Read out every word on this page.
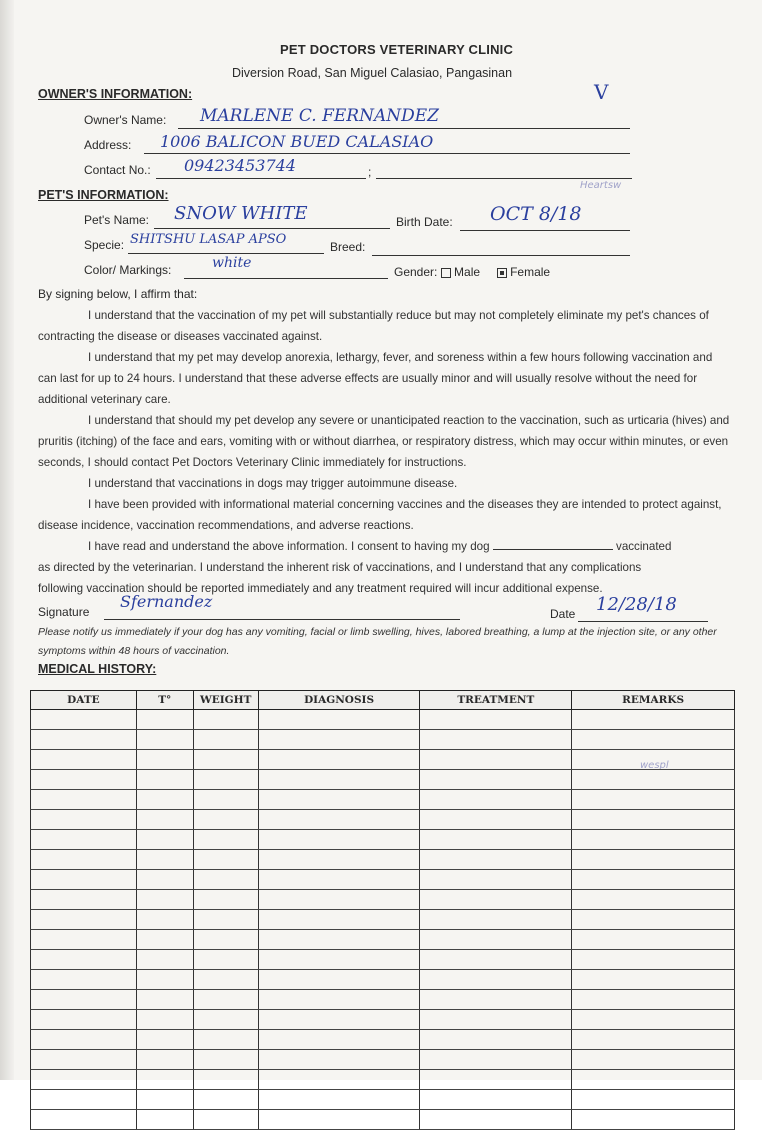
Heartsw
wespl
PET DOCTORS VETERINARY CLINIC
Diversion Road, San Miguel Calasiao, Pangasinan
V
OWNER'S INFORMATION:
Owner's Name: MARLENE C. FERNANDEZ
Address: 1006 BALICON BUED CALASIAO
Contact No.:	;
09423453744
PET'S INFORMATION:
Pet's Name: SNOW WHITE	Birth Date: OCT 8/18
Specie: SHITSHU LASAP APSO	Breed:
Color/ Markings:	white
Gender: Male	Female
By signing below, I affirm that:
I understand that the vaccination of my pet will substantially reduce but may not completely eliminate my pet's chances of contracting the disease or diseases vaccinated against.
I understand that my pet may develop anorexia, lethargy, fever, and soreness within a few hours following vaccination and can last for up to 24 hours. I understand that these adverse effects are usually minor and will usually resolve without the need for additional veterinary care.
I understand that should my pet develop any severe or unanticipated reaction to the vaccination, such as urticaria (hives) and pruritis (itching) of the face and ears, vomiting with or without diarrhea, or respiratory distress, which may occur within minutes, or even seconds, I should contact Pet Doctors Veterinary Clinic immediately for instructions.
I understand that vaccinations in dogs may trigger autoimmune disease.
I have been provided with informational material concerning vaccines and the diseases they are intended to protect against, disease incidence, vaccination recommendations, and adverse reactions.
I have read and understand the above information. I consent to having my dog	vaccinated
as directed by the veterinarian. I understand the inherent risk of vaccinations, and I understand that any complications
following vaccination should be reported immediately and any treatment required will incur additional expense.
Signature
Sfernandez
Date 12/28/18
Please notify us immediately if your dog has any vomiting, facial or limb swelling, hives, labored breathing, a lump at the injection site, or any other symptoms within 48 hours of vaccination.
MEDICAL HISTORY:
DATE	T°	WEIGHT	DIAGNOSIS	TREATMENT	REMARKS
